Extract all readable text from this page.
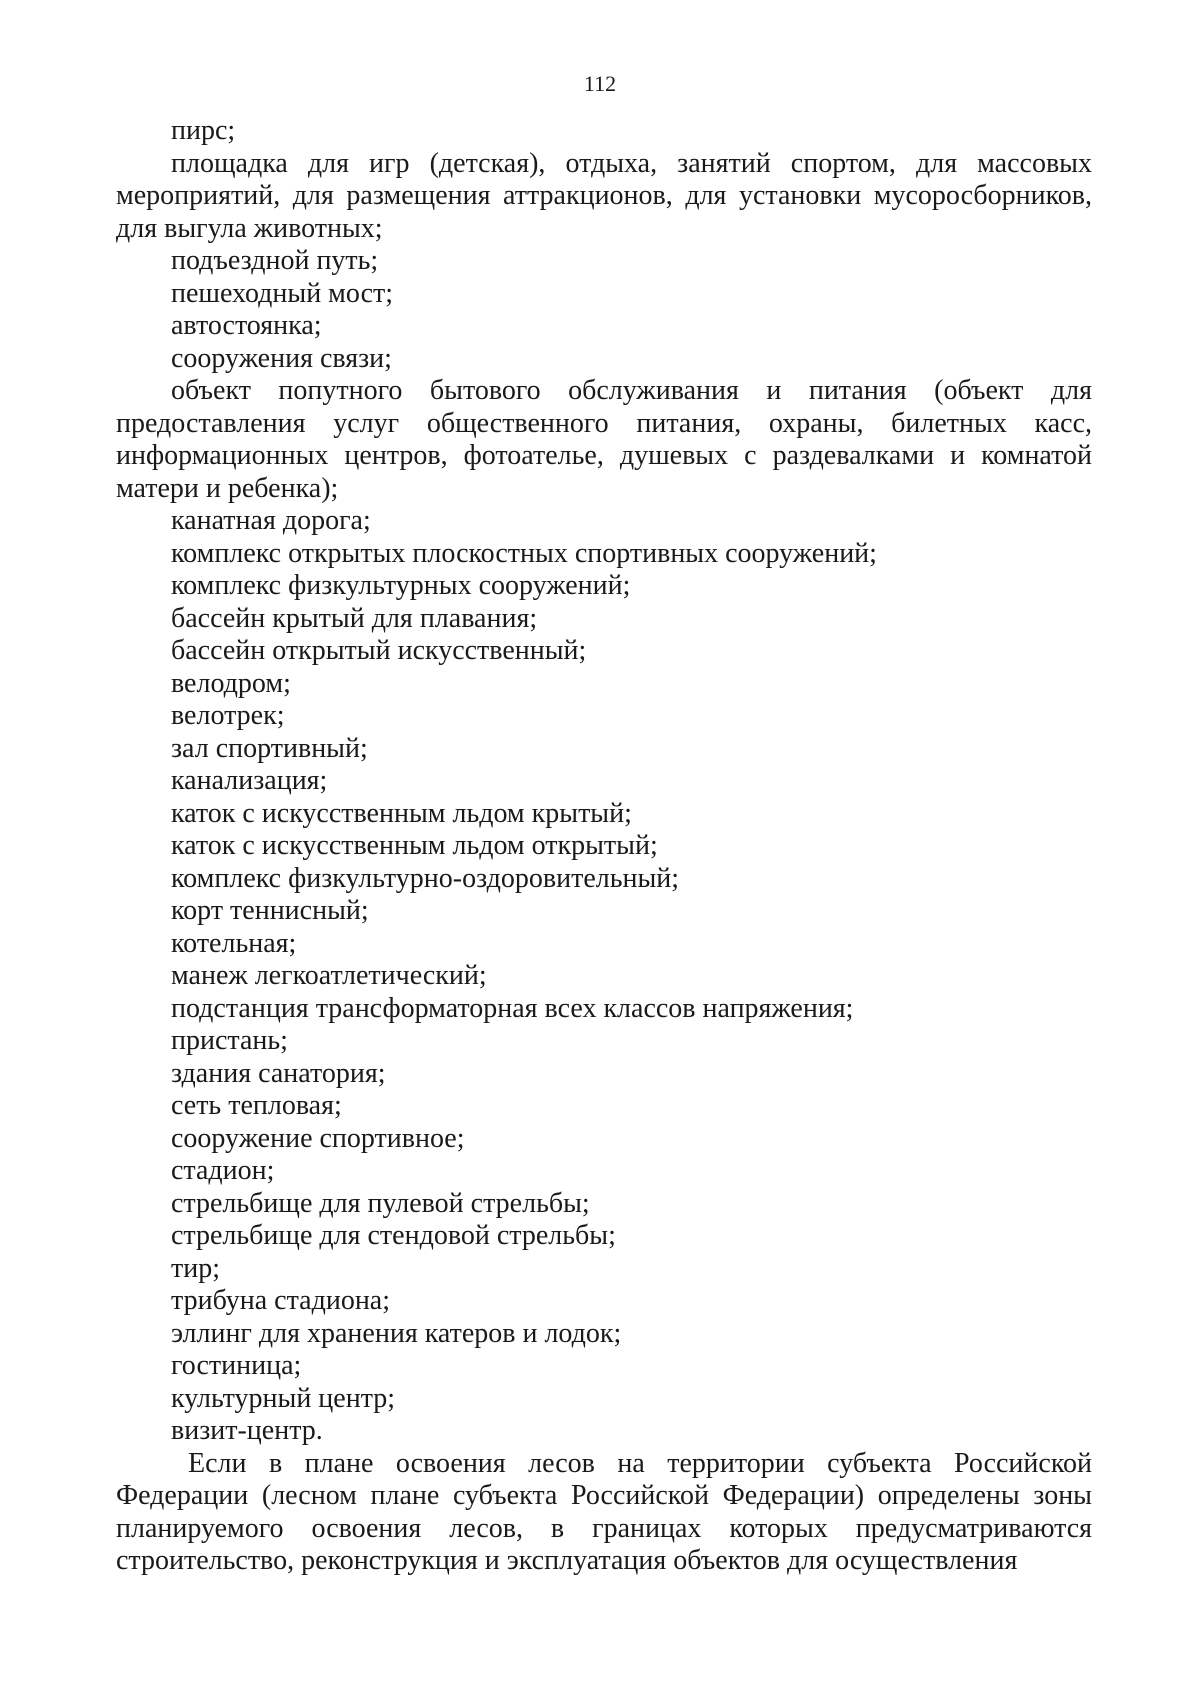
112

пирс;

площадка для игр (детская), отдыха, занятий спортом, для массовых мероприятий, для размещения аттракционов, для установки мусоросборников, для выгула животных;

подъездной путь;

пешеходный мост;

автостоянка;

сооружения связи;

объект попутного бытового обслуживания и питания (объект для предоставления услуг общественного питания, охраны, билетных касс, информационных центров, фотоателье, душевых с раздевалками и комнатой матери и ребенка);

канатная дорога;

комплекс открытых плоскостных спортивных сооружений;

комплекс физкультурных сооружений;

бассейн крытый для плавания;

бассейн открытый искусственный;

велодром;

велотрек;

зал спортивный;

канализация;

каток с искусственным льдом крытый;

каток с искусственным льдом открытый;

комплекс физкультурно-оздоровительный;

корт теннисный;

котельная;

манеж легкоатлетический;

подстанция трансформаторная всех классов напряжения;

пристань;

здания санатория;

сеть тепловая;

сооружение спортивное;

стадион;

стрельбище для пулевой стрельбы;

стрельбище для стендовой стрельбы;

тир;

трибуна стадиона;

эллинг для хранения катеров и лодок;

гостиница;

культурный центр;

визит-центр.

Если в плане освоения лесов на территории субъекта Российской Федерации (лесном плане субъекта Российской Федерации) определены зоны планируемого освоения лесов, в границах которых предусматриваются строительство, реконструкция и эксплуатация объектов для осуществления
